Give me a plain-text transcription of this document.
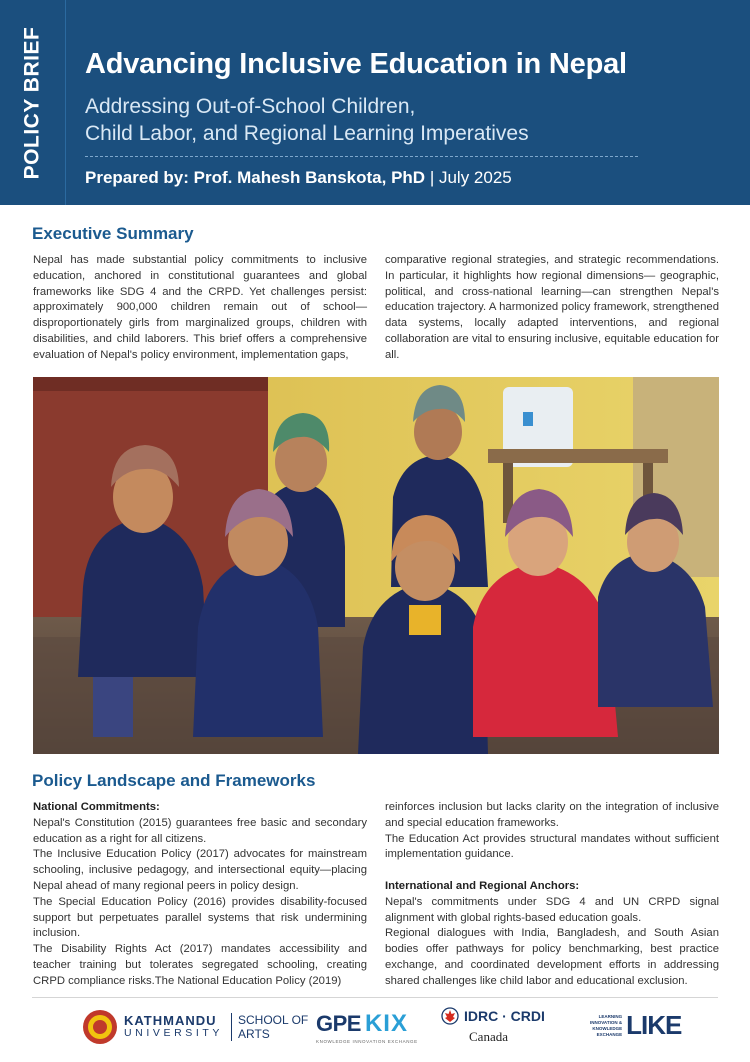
POLICY BRIEF Advancing Inclusive Education in Nepal
Addressing Out-of-School Children,
Child Labor, and Regional Learning Imperatives
Prepared by: Prof. Mahesh Banskota, PhD | July 2025
Executive Summary

Nepal has made substantial policy commitments to inclusive education, anchored in constitutional guarantees and global frameworks like SDG 4 and the CRPD. Yet challenges persist: approximately 900,000 children remain out of school—disproportionately girls from marginalized groups, children with disabilities, and child laborers. This brief offers a comprehensive evaluation of Nepal's policy environment, implementation gaps,

comparative regional strategies, and strategic recommendations. In particular, it highlights how regional dimensions— geographic, political, and cross-national learning—can strengthen Nepal's education trajectory. A harmonized policy framework, strengthened data systems, locally adapted interventions, and regional collaboration are vital to ensuring inclusive, equitable education for all.

Policy Landscape and Frameworks

National Commitments:

Nepal's Constitution (2015) guarantees free basic and secondary education as a right for all citizens.

The Inclusive Education Policy (2017) advocates for mainstream schooling, inclusive pedagogy, and intersectional equity—placing Nepal ahead of many regional peers in policy design.

The Special Education Policy (2016) provides disability-focused support but perpetuates parallel systems that risk undermining inclusion.

The Disability Rights Act (2017) mandates accessibility and teacher training but tolerates segregated schooling, creating CRPD compliance risks.The National Education Policy (2019)

reinforces inclusion but lacks clarity on the integration of inclusive and special education frameworks.

The Education Act provides structural mandates without sufficient implementation guidance.

International and Regional Anchors:

Nepal's commitments under SDG 4 and UN CRPD signal alignment with global rights-based education goals.

Regional dialogues with India, Bangladesh, and South Asian bodies offer pathways for policy benchmarking, best practice exchange, and coordinated development efforts in addressing shared challenges like child labor and educational exclusion.

KATHMANDU
UNIVERSITY
SCHOOL OF
ARTS	GPE KIX
KNOWLEDGE INNOVATION EXCHANGE
IDRC · CRDI
Canada
LEARNING
INNOVATION &
KNOWLEDGE
EXCHANGE LIKE
